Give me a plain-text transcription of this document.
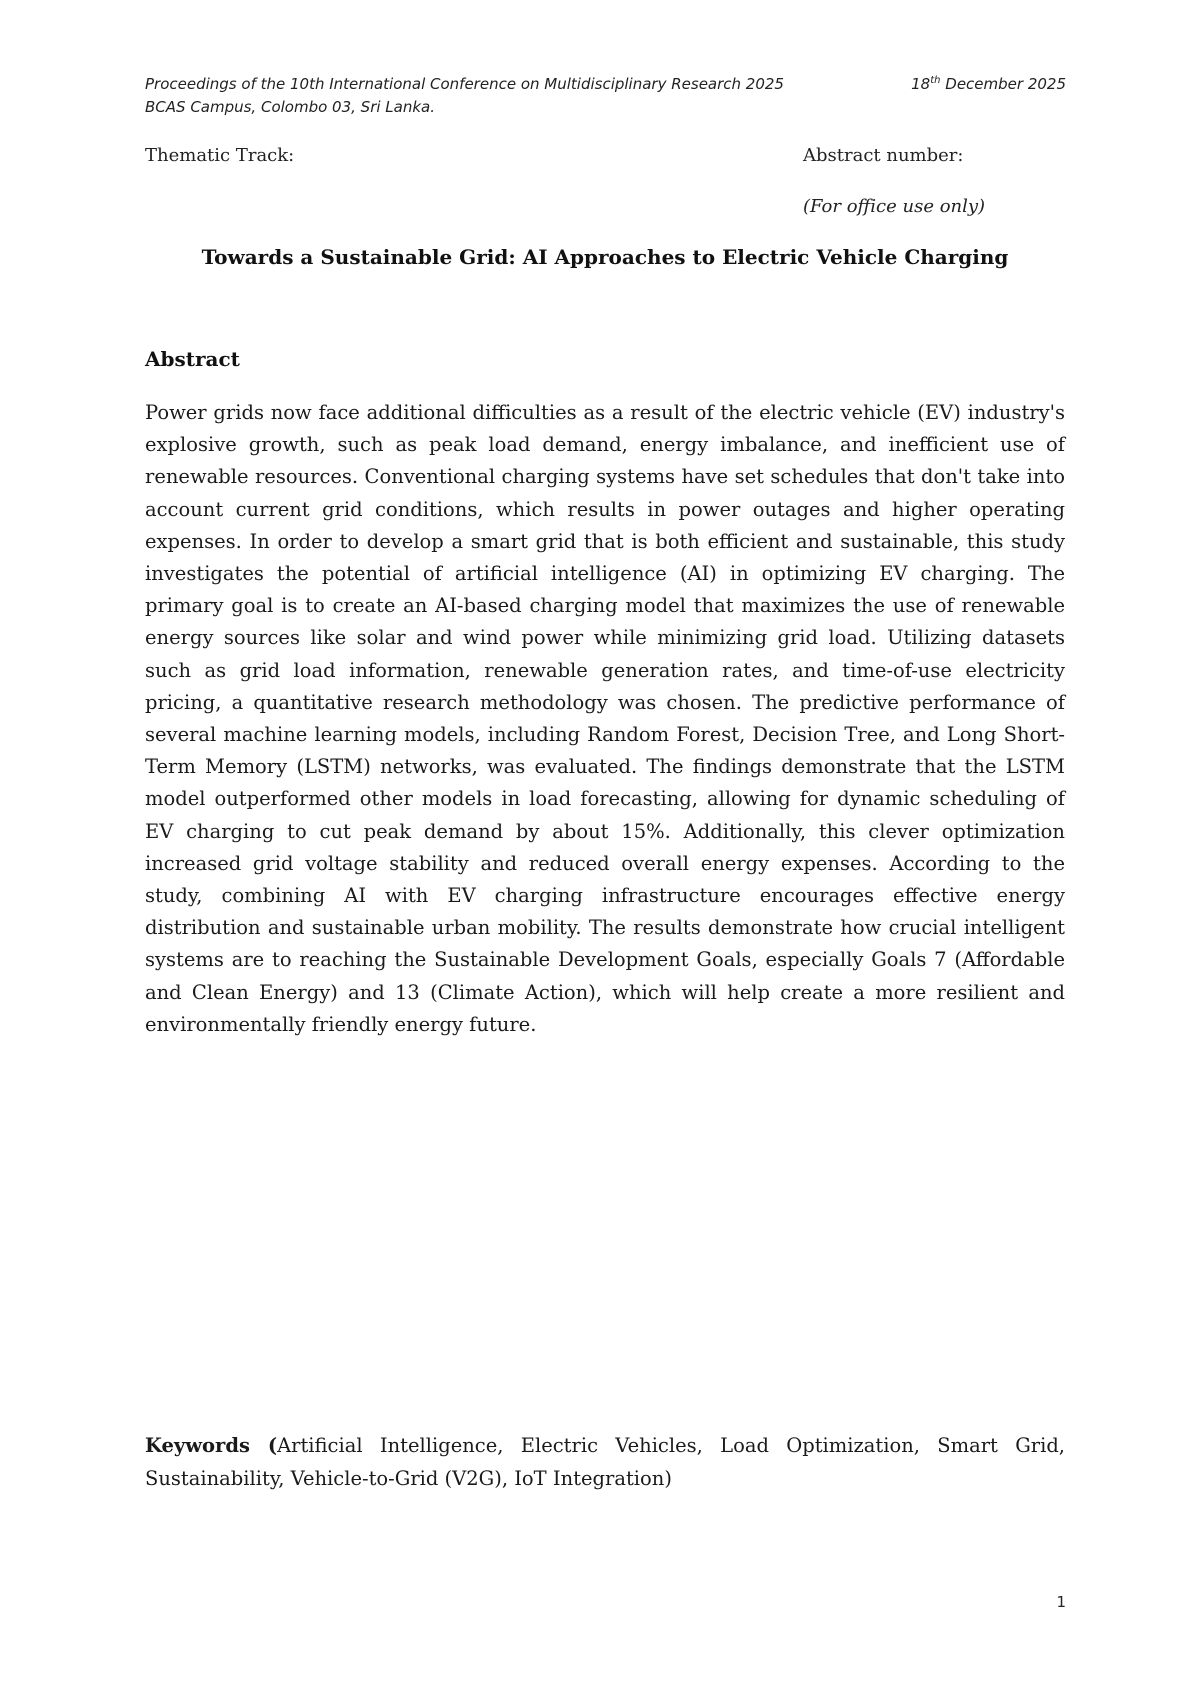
Proceedings of the 10th International Conference on Multidisciplinary Research 2025
BCAS Campus, Colombo 03, Sri Lanka.
18th December 2025
Thematic Track:	Abstract number:
(For office use only)
Towards a Sustainable Grid: AI Approaches to Electric Vehicle Charging
Abstract
Power grids now face additional difficulties as a result of the electric vehicle (EV) industry's explosive growth, such as peak load demand, energy imbalance, and inefficient use of renewable resources. Conventional charging systems have set schedules that don't take into account current grid conditions, which results in power outages and higher operating expenses. In order to develop a smart grid that is both efficient and sustainable, this study investigates the potential of artificial intelligence (AI) in optimizing EV charging. The primary goal is to create an AI-based charging model that maximizes the use of renewable energy sources like solar and wind power while minimizing grid load. Utilizing datasets such as grid load information, renewable generation rates, and time-of-use electricity pricing, a quantitative research methodology was chosen. The predictive performance of several machine learning models, including Random Forest, Decision Tree, and Long Short-Term Memory (LSTM) networks, was evaluated. The findings demonstrate that the LSTM model outperformed other models in load forecasting, allowing for dynamic scheduling of EV charging to cut peak demand by about 15%. Additionally, this clever optimization increased grid voltage stability and reduced overall energy expenses. According to the study, combining AI with EV charging infrastructure encourages effective energy distribution and sustainable urban mobility. The results demonstrate how crucial intelligent systems are to reaching the Sustainable Development Goals, especially Goals 7 (Affordable and Clean Energy) and 13 (Climate Action), which will help create a more resilient and environmentally friendly energy future.
Keywords (Artificial Intelligence, Electric Vehicles, Load Optimization, Smart Grid, Sustainability, Vehicle-to-Grid (V2G), IoT Integration)
1
